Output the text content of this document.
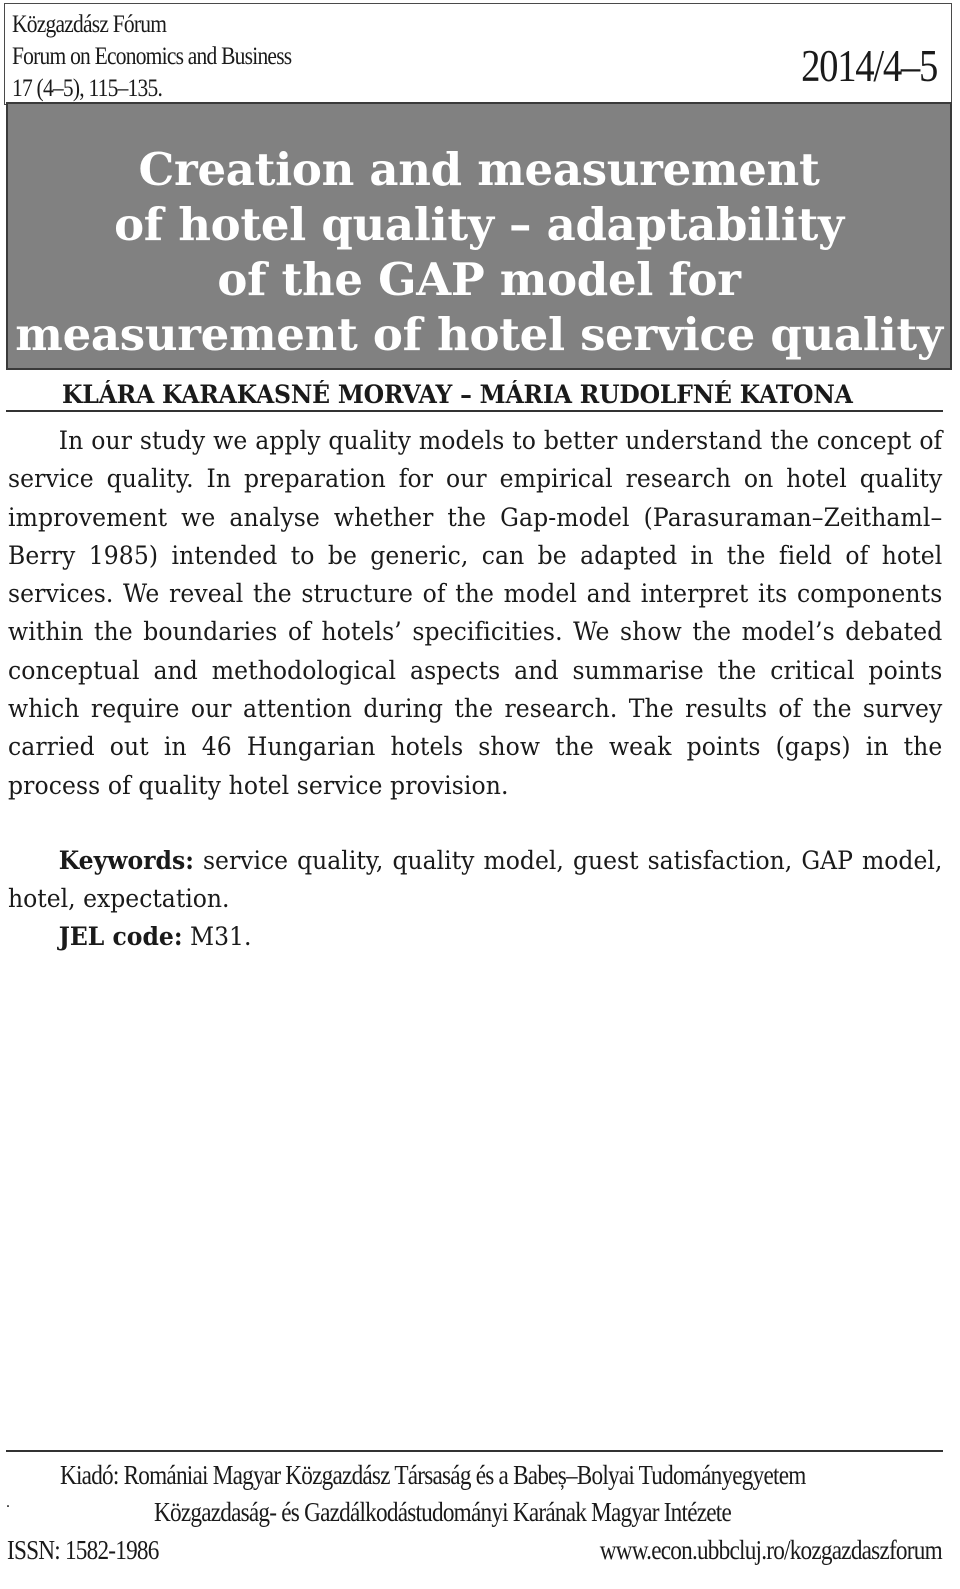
Közgazdász Fórum
Forum on Economics and Business
17 (4–5), 115–135.	2014/4–5
Creation and measurement
of hotel quality – adaptability
of the GAP model for
measurement of hotel service quality
KLÁRA KARAKASNÉ MORVAY – MÁRIA RUDOLFNÉ KATONA
In our study we apply quality models to better understand the concept of service quality. In preparation for our empirical research on hotel quality improvement we analyse whether the Gap-model (Parasuraman–Zeithaml–Berry 1985) intended to be generic, can be adapted in the field of hotel services. We reveal the structure of the model and interpret its components within the boundaries of hotels’ specificities. We show the model’s debated conceptual and methodological aspects and summarise the critical points which require our attention during the research. The results of the survey carried out in 46 Hungarian hotels show the weak points (gaps) in the process of quality hotel service provision.
Keywords: service quality, quality model, guest satisfaction, GAP model, hotel, expectation.
JEL code: M31.
Kiadó: Romániai Magyar Közgazdász Társaság és a Babeș–Bolyai Tudományegyetem
.	Közgazdaság- és Gazdálkodástudományi Karának Magyar Intézete
ISSN: 1582-1986	www.econ.ubbcluj.ro/kozgazdaszforum
